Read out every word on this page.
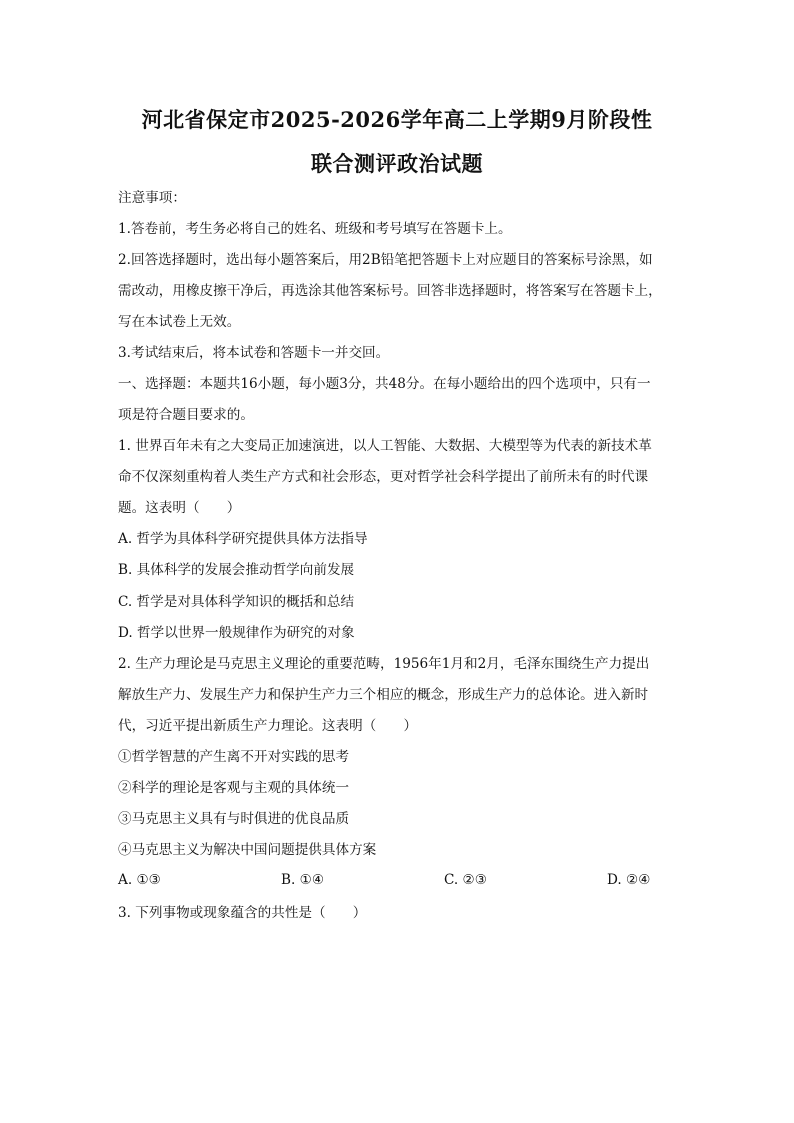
河北省保定市2025-2026学年高二上学期9月阶段性
联合测评政治试题
注意事项：
1.答卷前，考生务必将自己的姓名、班级和考号填写在答题卡上。
2.回答选择题时，选出每小题答案后，用2B铅笔把答题卡上对应题目的答案标号涂黑，如
需改动，用橡皮擦干净后，再选涂其他答案标号。回答非选择题时，将答案写在答题卡上，
写在本试卷上无效。
3.考试结束后，将本试卷和答题卡一并交回。
一、选择题：本题共16小题，每小题3分，共48分。在每小题给出的四个选项中，只有一
项是符合题目要求的。
1. 世界百年未有之大变局正加速演进，以人工智能、大数据、大模型等为代表的新技术革
命不仅深刻重构着人类生产方式和社会形态，更对哲学社会科学提出了前所未有的时代课
题。这表明（　　）
A. 哲学为具体科学研究提供具体方法指导
B. 具体科学的发展会推动哲学向前发展
C. 哲学是对具体科学知识的概括和总结
D. 哲学以世界一般规律作为研究的对象
2. 生产力理论是马克思主义理论的重要范畴，1956年1月和2月，毛泽东围绕生产力提出
解放生产力、发展生产力和保护生产力三个相应的概念，形成生产力的总体论。进入新时
代，习近平提出新质生产力理论。这表明（　　）
①哲学智慧的产生离不开对实践的思考
②科学的理论是客观与主观的具体统一
③马克思主义具有与时俱进的优良品质
④马克思主义为解决中国问题提供具体方案
A. ①③	B. ①④	C. ②③	D. ②④
3. 下列事物或现象蕴含的共性是（　　）
